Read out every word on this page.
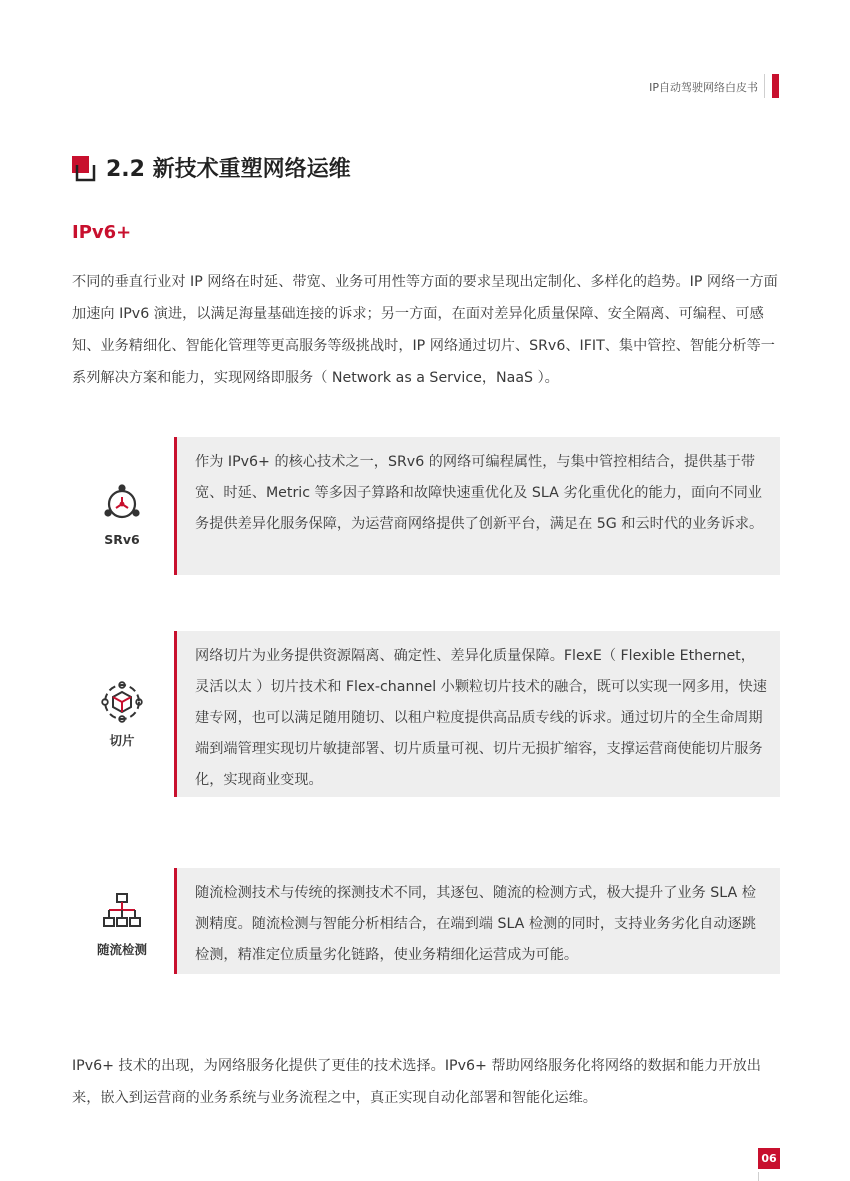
IP自动驾驶网络白皮书
2.2 新技术重塑网络运维
IPv6+
不同的垂直行业对 IP 网络在时延、带宽、业务可用性等方面的要求呈现出定制化、多样化的趋势。IP 网络一方面加速向 IPv6 演进，以满足海量基础连接的诉求；另一方面，在面对差异化质量保障、安全隔离、可编程、可感知、业务精细化、智能化管理等更高服务等级挑战时，IP 网络通过切片、SRv6、IFIT、集中管控、智能分析等一系列解决方案和能力，实现网络即服务（ Network as a Service，NaaS ）。
SRv6
作为 IPv6+ 的核心技术之一，SRv6 的网络可编程属性，与集中管控相结合，提供基于带宽、时延、Metric 等多因子算路和故障快速重优化及 SLA 劣化重优化的能力，面向不同业务提供差异化服务保障，为运营商网络提供了创新平台，满足在 5G 和云时代的业务诉求。
切片
网络切片为业务提供资源隔离、确定性、差异化质量保障。FlexE（ Flexible Ethernet，灵活以太 ）切片技术和 Flex-channel 小颗粒切片技术的融合，既可以实现一网多用，快速建专网，也可以满足随用随切、以租户粒度提供高品质专线的诉求。通过切片的全生命周期端到端管理实现切片敏捷部署、切片质量可视、切片无损扩缩容，支撑运营商使能切片服务化，实现商业变现。
随流检测
随流检测技术与传统的探测技术不同，其逐包、随流的检测方式，极大提升了业务 SLA 检测精度。随流检测与智能分析相结合，在端到端 SLA 检测的同时，支持业务劣化自动逐跳检测，精准定位质量劣化链路，使业务精细化运营成为可能。
IPv6+ 技术的出现，为网络服务化提供了更佳的技术选择。IPv6+ 帮助网络服务化将网络的数据和能力开放出来，嵌入到运营商的业务系统与业务流程之中，真正实现自动化部署和智能化运维。
06
